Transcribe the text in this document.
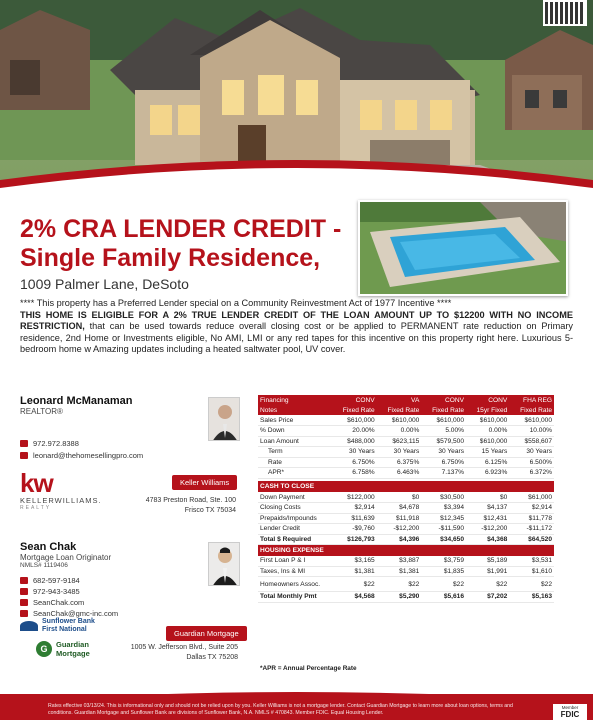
2% CRA LENDER CREDIT -
Single Family Residence,
1009 Palmer Lane, DeSoto

**** This property has a Preferred Lender special on a Community Reinvestment Act of 1977 Incentive ****

THIS HOME IS ELIGIBLE FOR A 2% TRUE LENDER CREDIT OF THE LOAN AMOUNT UP TO $12200 WITH NO INCOME RESTRICTION, that can be used towards reduce overall closing cost or be applied to PERMANENT rate reduction on Primary residence, 2nd Home or Investments eligible, No AMI, LMI or any red tapes for this incentive on this property right here. Luxurious 5-bedroom home w Amazing updates including a heated saltwater pool, UV cover.

Leonard McManaman
REALTOR®
972.972.8388
leonard@thehomesellingpro.com
Keller Williams
4783 Preston Road, Ste. 100
Frisco TX 75034
kw
KELLERWILLIAMS.
REALTY
Sean Chak
Mortgage Loan Originator
NMLS# 1119406
682-597-9184
972-943-3485
SeanChak.com
SeanChak@gmc-inc.com
Guardian Mortgage
1005 W. Jefferson Blvd., Suite 205
Dallas TX 75208
Sunflower Bank
First National
G	Guardian
Mortgage
Financing	CONV	VA	CONV	CONV	FHA REG
Notes	Fixed Rate	Fixed Rate	Fixed Rate	15yr Fixed	Fixed Rate
Sales Price	$610,000	$610,000	$610,000	$610,000	$610,000
% Down	20.00%	0.00%	5.00%	0.00%	10.00%
Loan Amount	$488,000	$623,115	$579,500	$610,000	$558,607
Term	30 Years	30 Years	30 Years	15 Years	30 Years
Rate	6.750%	6.375%	6.750%	6.125%	6.500%
APR*	6.758%	6.463%	7.137%	6.923%	6.372%

CASH TO CLOSE					
Down Payment	$122,000	$0	$30,500	$0	$61,000
Closing Costs	$2,914	$4,678	$3,394	$4,137	$2,914
Prepaids/Impounds	$11,639	$11,918	$12,345	$12,431	$11,778
Lender Credit	-$9,760	-$12,200	-$11,590	-$12,200	-$11,172
Total $ Required	$126,793	$4,396	$34,650	$4,368	$64,520
HOUSING EXPENSE					
First Loan P & I	$3,165	$3,887	$3,759	$5,189	$3,531
Taxes, Ins & MI	$1,381	$1,381	$1,835	$1,991	$1,610
Homeowners Assoc.	$22	$22	$22	$22	$22
Total Monthly Pmt	$4,568	$5,290	$5,616	$7,202	$5,163
*APR = Annual Percentage Rate
Rates effective 03/13/24. This is informational only and should not be relied upon by you. Keller Williams is not a mortgage lender. Contact Guardian Mortgage to learn more about loan options, terms and conditions. Guardian Mortgage and Sunflower Bank are divisions of Sunflower Bank, N.A. NMLS # 470843. Member FDIC. Equal Housing Lender.
Member
FDIC
